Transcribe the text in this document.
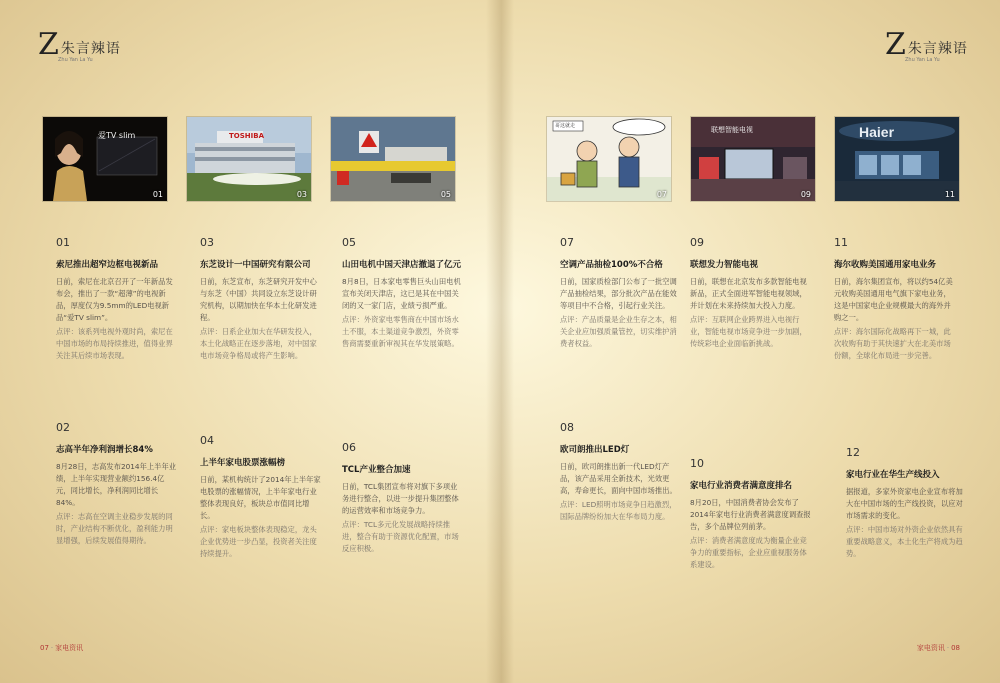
Z 朱言辣语
Zhu Yan La Yu
爱TV slim
01
TOSHIBA
03	05
01
索尼推出超窄边框电视新品
日前，索尼在北京召开了一年新品发布会，推出了一款“超薄”的电视新品，厚度仅为9.5mm的LED电视新品“爱TV slim”。
点评：该系列电视外观时尚，索尼在中国市场的布局持续推进，值得业界关注其后续市场表现。
02
志高半年净利润增长84%
8月28日，志高发布2014年上半年业绩，上半年实现营业额约156.4亿元，同比增长，净利润同比增长84%。
点评：志高在空调主业稳步发展的同时，产业结构不断优化，盈利能力明显增强，后续发展值得期待。
03
东芝设计一中国研究有限公司
日前，东芝宣布，东芝研究开发中心与东芝（中国）共同设立东芝设计研究机构，以期加快在华本土化研发进程。
点评：日系企业加大在华研发投入，本土化战略正在逐步落地，对中国家电市场竞争格局或将产生影响。
04
上半年家电股票涨幅榜
日前，某机构统计了2014年上半年家电股票的涨幅情况，上半年家电行业整体表现良好，板块总市值同比增长。
点评：家电板块整体表现稳定，龙头企业优势进一步凸显，投资者关注度持续提升。
05
山田电机中国天津店撤退了亿元
8月8日，日本家电零售巨头山田电机宣布关闭天津店，这已是其在中国关闭的又一家门店，业绩亏损严重。
点评：外资家电零售商在中国市场水土不服，本土渠道竞争激烈，外资零售商需要重新审视其在华发展策略。
06
TCL产业整合加速
日前，TCL集团宣布将对旗下多项业务进行整合，以进一步提升集团整体的运营效率和市场竞争力。
点评：TCL多元化发展战略持续推进，整合有助于资源优化配置，市场反应积极。
07 · 家电资讯
Z 朱言辣语
Zhu Yan La Yu
哥这就走
07
联想智能电视
09
Haier
11
07
空调产品抽检100%不合格
日前，国家质检部门公布了一批空调产品抽检结果，部分批次产品在能效等项目中不合格，引起行业关注。
点评：产品质量是企业生存之本，相关企业应加强质量管控，切实维护消费者权益。
08
欧司朗推出LED灯
日前，欧司朗推出新一代LED灯产品，该产品采用全新技术，光效更高，寿命更长，面向中国市场推出。
点评：LED照明市场竞争日趋激烈，国际品牌纷纷加大在华布局力度。
09
联想发力智能电视
日前，联想在北京发布多款智能电视新品，正式全面进军智能电视领域，并计划在未来持续加大投入力度。
点评：互联网企业跨界进入电视行业，智能电视市场竞争进一步加剧，传统彩电企业面临新挑战。
10
家电行业消费者满意度排名
8月20日，中国消费者协会发布了2014年家电行业消费者满意度调查报告，多个品牌位列前茅。
点评：消费者满意度成为衡量企业竞争力的重要指标，企业应重视服务体系建设。
11
海尔收购美国通用家电业务
日前，海尔集团宣布，将以约54亿美元收购美国通用电气旗下家电业务，这是中国家电企业规模最大的海外并购之一。
点评：海尔国际化战略再下一城，此次收购有助于其快速扩大在北美市场份额，全球化布局进一步完善。
12
家电行业在华生产线投入
据报道，多家外资家电企业宣布将加大在中国市场的生产线投资，以应对市场需求的变化。
点评：中国市场对外资企业依然具有重要战略意义，本土化生产将成为趋势。
家电资讯 · 08
